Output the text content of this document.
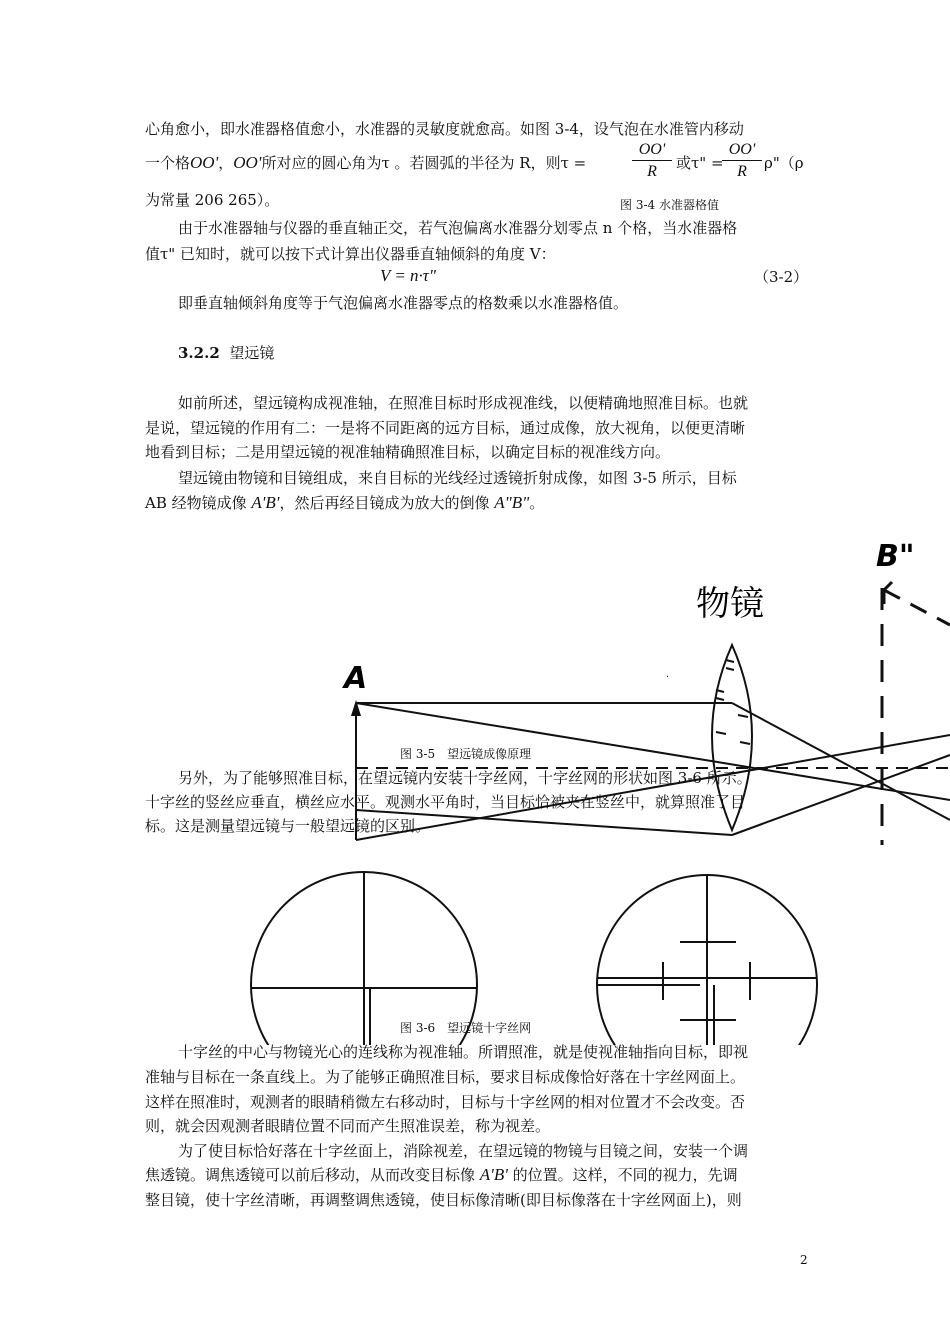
心角愈小，即水准器格值愈小，水准器的灵敏度就愈高。如图 3-4，设气泡在水准管内移动
一个格OO'，OO'所对应的圆心角为τ 。若圆弧的半径为 R，则τ =	$\frac{OO'}{R}$ 或τ" =
$\frac{OO'}{R}$ ρ"（ρ
为常量 206 265）。	图 3-4 水准器格值
由于水准器轴与仪器的垂直轴正交，若气泡偏离水准器分划零点 n 个格，当水准器格
值τ" 已知时，就可以按下式计算出仪器垂直轴倾斜的角度 V：
V = n·τ"	（3-2）
即垂直轴倾斜角度等于气泡偏离水准器零点的格数乘以水准器格值。
3.2.2 望远镜
如前所述，望远镜构成视准轴，在照准目标时形成视准线，以便精确地照准目标。也就
是说，望远镜的作用有二：一是将不同距离的远方目标，通过成像，放大视角，以便更清晰
地看到目标；二是用望远镜的视准轴精确照准目标，以确定目标的视准线方向。
望远镜由物镜和目镜组成，来自目标的光线经过透镜折射成像，如图 3-5 所示，目标
AB 经物镜成像 A'B'，然后再经目镜成为放大的倒像 A"B"。
A
物镜
B"
·
图 3-5　望远镜成像原理
另外，为了能够照准目标，在望远镜内安装十字丝网，十字丝网的形状如图 3-6 所示。
十字丝的竖丝应垂直，横丝应水平。观测水平角时，当目标恰被夹在竖丝中，就算照准了目
标。这是测量望远镜与一般望远镜的区别。
图 3-6　望远镜十字丝网
十字丝的中心与物镜光心的连线称为视准轴。所谓照准，就是使视准轴指向目标，即视
准轴与目标在一条直线上。为了能够正确照准目标，要求目标成像恰好落在十字丝网面上。
这样在照准时，观测者的眼睛稍微左右移动时，目标与十字丝网的相对位置才不会改变。否
则，就会因观测者眼睛位置不同而产生照准误差，称为视差。
为了使目标恰好落在十字丝面上，消除视差，在望远镜的物镜与目镜之间，安装一个调
焦透镜。调焦透镜可以前后移动，从而改变目标像 A'B' 的位置。这样，不同的视力，先调
整目镜，使十字丝清晰，再调整调焦透镜，使目标像清晰(即目标像落在十字丝网面上)，则
2
